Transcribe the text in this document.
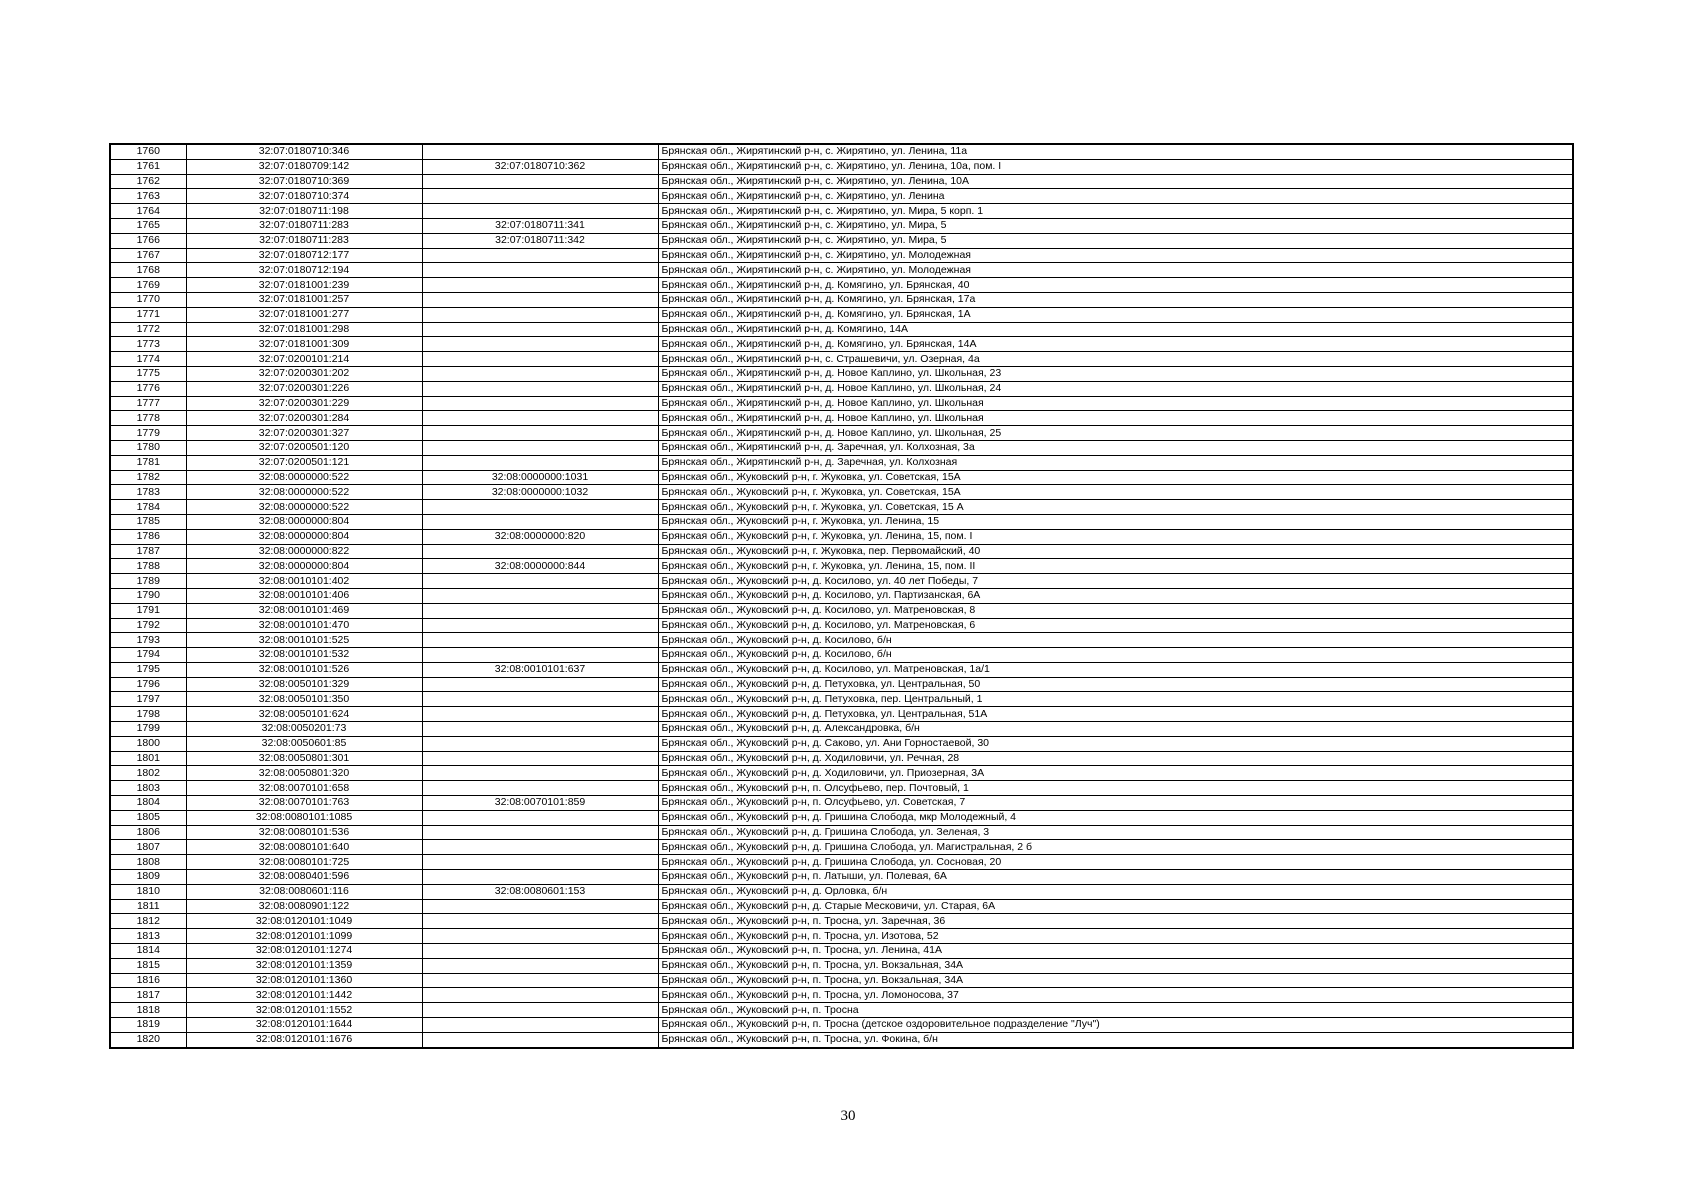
1760	32:07:0180710:346		Брянская обл., Жирятинский р-н, с. Жирятино, ул. Ленина, 11а
1761	32:07:0180709:142	32:07:0180710:362	Брянская обл., Жирятинский р-н, с. Жирятино, ул. Ленина, 10а, пом. I
1762	32:07:0180710:369		Брянская обл., Жирятинский р-н, с. Жирятино, ул. Ленина, 10А
1763	32:07:0180710:374		Брянская обл., Жирятинский р-н, с. Жирятино, ул. Ленина
1764	32:07:0180711:198		Брянская обл., Жирятинский р-н, с. Жирятино, ул. Мира, 5 корп. 1
1765	32:07:0180711:283	32:07:0180711:341	Брянская обл., Жирятинский р-н, с. Жирятино, ул. Мира, 5
1766	32:07:0180711:283	32:07:0180711:342	Брянская обл., Жирятинский р-н, с. Жирятино, ул. Мира, 5
1767	32:07:0180712:177		Брянская обл., Жирятинский р-н, с. Жирятино, ул. Молодежная
1768	32:07:0180712:194		Брянская обл., Жирятинский р-н, с. Жирятино, ул. Молодежная
1769	32:07:0181001:239		Брянская обл., Жирятинский р-н, д. Комягино, ул. Брянская, 40
1770	32:07:0181001:257		Брянская обл., Жирятинский р-н, д. Комягино, ул. Брянская, 17а
1771	32:07:0181001:277		Брянская обл., Жирятинский р-н, д. Комягино, ул. Брянская, 1А
1772	32:07:0181001:298		Брянская обл., Жирятинский р-н, д. Комягино, 14А
1773	32:07:0181001:309		Брянская обл., Жирятинский р-н, д. Комягино, ул. Брянская, 14А
1774	32:07:0200101:214		Брянская обл., Жирятинский р-н, с. Страшевичи, ул. Озерная, 4а
1775	32:07:0200301:202		Брянская обл., Жирятинский р-н, д. Новое Каплино, ул. Школьная, 23
1776	32:07:0200301:226		Брянская обл., Жирятинский р-н, д. Новое Каплино, ул. Школьная, 24
1777	32:07:0200301:229		Брянская обл., Жирятинский р-н, д. Новое Каплино, ул. Школьная
1778	32:07:0200301:284		Брянская обл., Жирятинский р-н, д. Новое Каплино, ул. Школьная
1779	32:07:0200301:327		Брянская обл., Жирятинский р-н, д. Новое Каплино, ул. Школьная, 25
1780	32:07:0200501:120		Брянская обл., Жирятинский р-н, д. Заречная, ул. Колхозная, 3а
1781	32:07:0200501:121		Брянская обл., Жирятинский р-н, д. Заречная, ул. Колхозная
1782	32:08:0000000:522	32:08:0000000:1031	Брянская обл., Жуковский р-н, г. Жуковка, ул. Советская, 15А
1783	32:08:0000000:522	32:08:0000000:1032	Брянская обл., Жуковский р-н, г. Жуковка, ул. Советская, 15А
1784	32:08:0000000:522		Брянская обл., Жуковский р-н, г. Жуковка, ул. Советская, 15 А
1785	32:08:0000000:804		Брянская обл., Жуковский р-н, г. Жуковка, ул. Ленина, 15
1786	32:08:0000000:804	32:08:0000000:820	Брянская обл., Жуковский р-н, г. Жуковка, ул. Ленина, 15, пом. I
1787	32:08:0000000:822		Брянская обл., Жуковский р-н, г. Жуковка, пер. Первомайский, 40
1788	32:08:0000000:804	32:08:0000000:844	Брянская обл., Жуковский р-н, г. Жуковка, ул. Ленина, 15, пом. II
1789	32:08:0010101:402		Брянская обл., Жуковский р-н, д. Косилово, ул. 40 лет Победы, 7
1790	32:08:0010101:406		Брянская обл., Жуковский р-н, д. Косилово, ул. Партизанская, 6А
1791	32:08:0010101:469		Брянская обл., Жуковский р-н, д. Косилово, ул. Матреновская, 8
1792	32:08:0010101:470		Брянская обл., Жуковский р-н, д. Косилово, ул. Матреновская, 6
1793	32:08:0010101:525		Брянская обл., Жуковский р-н, д. Косилово, б/н
1794	32:08:0010101:532		Брянская обл., Жуковский р-н, д. Косилово, б/н
1795	32:08:0010101:526	32:08:0010101:637	Брянская обл., Жуковский р-н, д. Косилово, ул. Матреновская, 1а/1
1796	32:08:0050101:329		Брянская обл., Жуковский р-н, д. Петуховка, ул. Центральная, 50
1797	32:08:0050101:350		Брянская обл., Жуковский р-н, д. Петуховка, пер. Центральный, 1
1798	32:08:0050101:624		Брянская обл., Жуковский р-н, д. Петуховка, ул. Центральная, 51А
1799	32:08:0050201:73		Брянская обл., Жуковский р-н, д. Александровка, б/н
1800	32:08:0050601:85		Брянская обл., Жуковский р-н, д. Саково, ул. Ани Горностаевой, 30
1801	32:08:0050801:301		Брянская обл., Жуковский р-н, д. Ходиловичи, ул. Речная, 28
1802	32:08:0050801:320		Брянская обл., Жуковский р-н, д. Ходиловичи, ул. Приозерная, 3А
1803	32:08:0070101:658		Брянская обл., Жуковский р-н, п. Олсуфьево, пер. Почтовый, 1
1804	32:08:0070101:763	32:08:0070101:859	Брянская обл., Жуковский р-н, п. Олсуфьево, ул. Советская, 7
1805	32:08:0080101:1085		Брянская обл., Жуковский р-н, д. Гришина Слобода, мкр Молодежный, 4
1806	32:08:0080101:536		Брянская обл., Жуковский р-н, д. Гришина Слобода, ул. Зеленая, 3
1807	32:08:0080101:640		Брянская обл., Жуковский р-н, д. Гришина Слобода, ул. Магистральная, 2 б
1808	32:08:0080101:725		Брянская обл., Жуковский р-н, д. Гришина Слобода, ул. Сосновая, 20
1809	32:08:0080401:596		Брянская обл., Жуковский р-н, п. Латыши, ул. Полевая, 6А
1810	32:08:0080601:116	32:08:0080601:153	Брянская обл., Жуковский р-н, д. Орловка, б/н
1811	32:08:0080901:122		Брянская обл., Жуковский р-н, д. Старые Месковичи, ул. Старая, 6А
1812	32:08:0120101:1049		Брянская обл., Жуковский р-н, п. Тросна, ул. Заречная, 36
1813	32:08:0120101:1099		Брянская обл., Жуковский р-н, п. Тросна, ул. Изотова, 52
1814	32:08:0120101:1274		Брянская обл., Жуковский р-н, п. Тросна, ул. Ленина, 41А
1815	32:08:0120101:1359		Брянская обл., Жуковский р-н, п. Тросна, ул. Вокзальная, 34А
1816	32:08:0120101:1360		Брянская обл., Жуковский р-н, п. Тросна, ул. Вокзальная, 34А
1817	32:08:0120101:1442		Брянская обл., Жуковский р-н, п. Тросна, ул. Ломоносова, 37
1818	32:08:0120101:1552		Брянская обл., Жуковский р-н, п. Тросна
1819	32:08:0120101:1644		Брянская обл., Жуковский р-н, п. Тросна (детское оздоровительное подразделение "Луч")
1820	32:08:0120101:1676		Брянская обл., Жуковский р-н, п. Тросна, ул. Фокина, б/н
30
